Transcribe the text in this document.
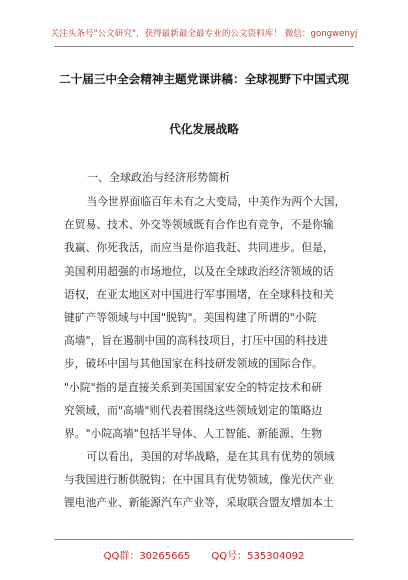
关注头条号"公文研究"，获得最新最全最专业的公文资料库！ 微信：gongwenyj
二十届三中全会精神主题党课讲稿：全球视野下中国式现
代化发展战略
一、全球政治与经济形势简析
当今世界面临百年未有之大变局，中美作为两个大国，
在贸易、技术、外交等领域既有合作也有竞争，不是你输
我赢、你死我活，而应当是你追我赶、共同进步。但是，
美国利用超强的市场地位，以及在全球政治经济领域的话
语权，在亚太地区对中国进行军事围堵，在全球科技和关
键矿产等领域与中国"脱钩"。美国构建了所谓的"小院
高墙"，旨在遏制中国的高科技项目，打压中国的科技进
步，破坏中国与其他国家在科技研发领域的国际合作。
"小院"指的是直接关系到美国国家安全的特定技术和研
究领域，而"高墙"则代表着围绕这些领域划定的策略边
界。"小院高墙"包括半导体、人工智能、新能源、生物
可以看出，美国的对华战略，是在其具有优势的领域
与我国进行断供脱钩；在中国具有优势领域，像光伏产业
锂电池产业、新能源汽车产业等，采取联合盟友增加本土
QQ群：30265665 QQ号：535304092
